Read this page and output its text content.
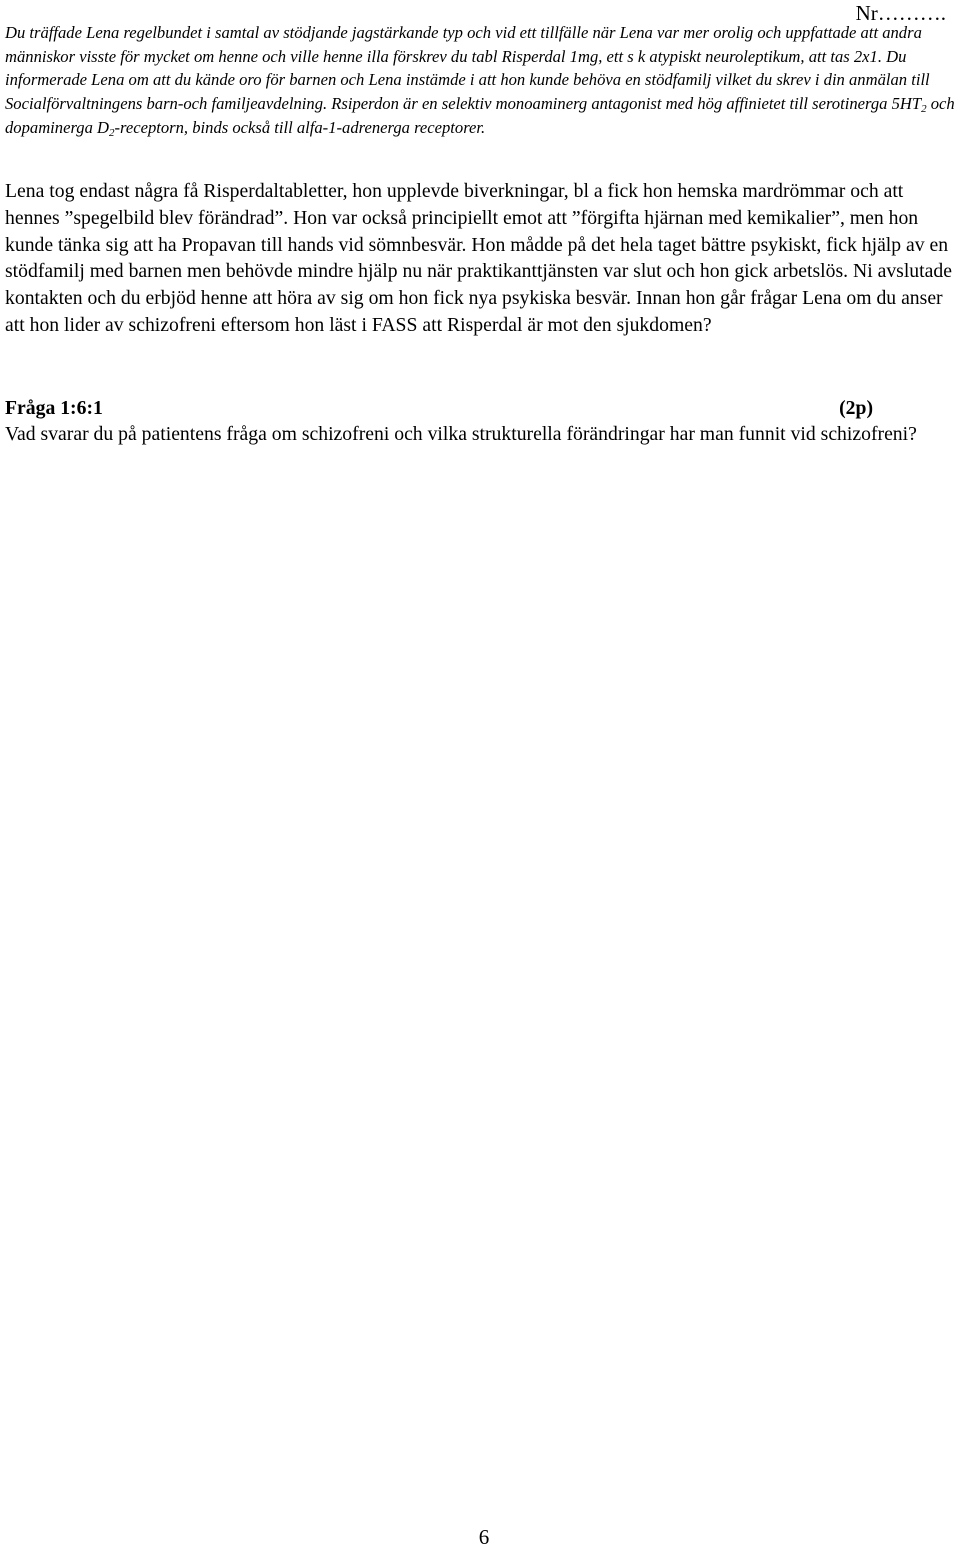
Nr……….

Du träffade Lena regelbundet i samtal av stödjande jagstärkande typ och vid ett tillfälle när Lena var mer orolig och uppfattade att andra människor visste för mycket om henne och ville henne illa förskrev du tabl Risperdal 1mg, ett s k atypiskt neuroleptikum, att tas 2x1. Du informerade Lena om att du kände oro för barnen och Lena instämde i att hon kunde behöva en stödfamilj vilket du skrev i din anmälan till Socialförvaltningens barn-och familjeavdelning. Rsiperdon är en selektiv monoaminerg antagonist med hög affinietet till serotinerga $5HT_2$ och dopaminerga $D_2$-receptorn, binds också till alfa-1-adrenerga receptorer.

Lena tog endast några få Risperdaltabletter, hon upplevde biverkningar, bl a fick hon hemska mardrömmar och att hennes ”spegelbild blev förändrad”. Hon var också principiellt emot att ”förgifta hjärnan med kemikalier”, men hon kunde tänka sig att ha Propavan till hands vid sömnbesvär. Hon mådde på det hela taget bättre psykiskt, fick hjälp av en stödfamilj med barnen men behövde mindre hjälp nu när praktikanttjänsten var slut och hon gick arbetslös. Ni avslutade kontakten och du erbjöd henne att höra av sig om hon fick nya psykiska besvär. Innan hon går frågar Lena om du anser att hon lider av schizofreni eftersom hon läst i FASS att Risperdal är mot den sjukdomen?

Fråga 1:6:1	(2p)

Vad svarar du på patientens fråga om schizofreni och vilka strukturella förändringar har man funnit vid schizofreni?

6
